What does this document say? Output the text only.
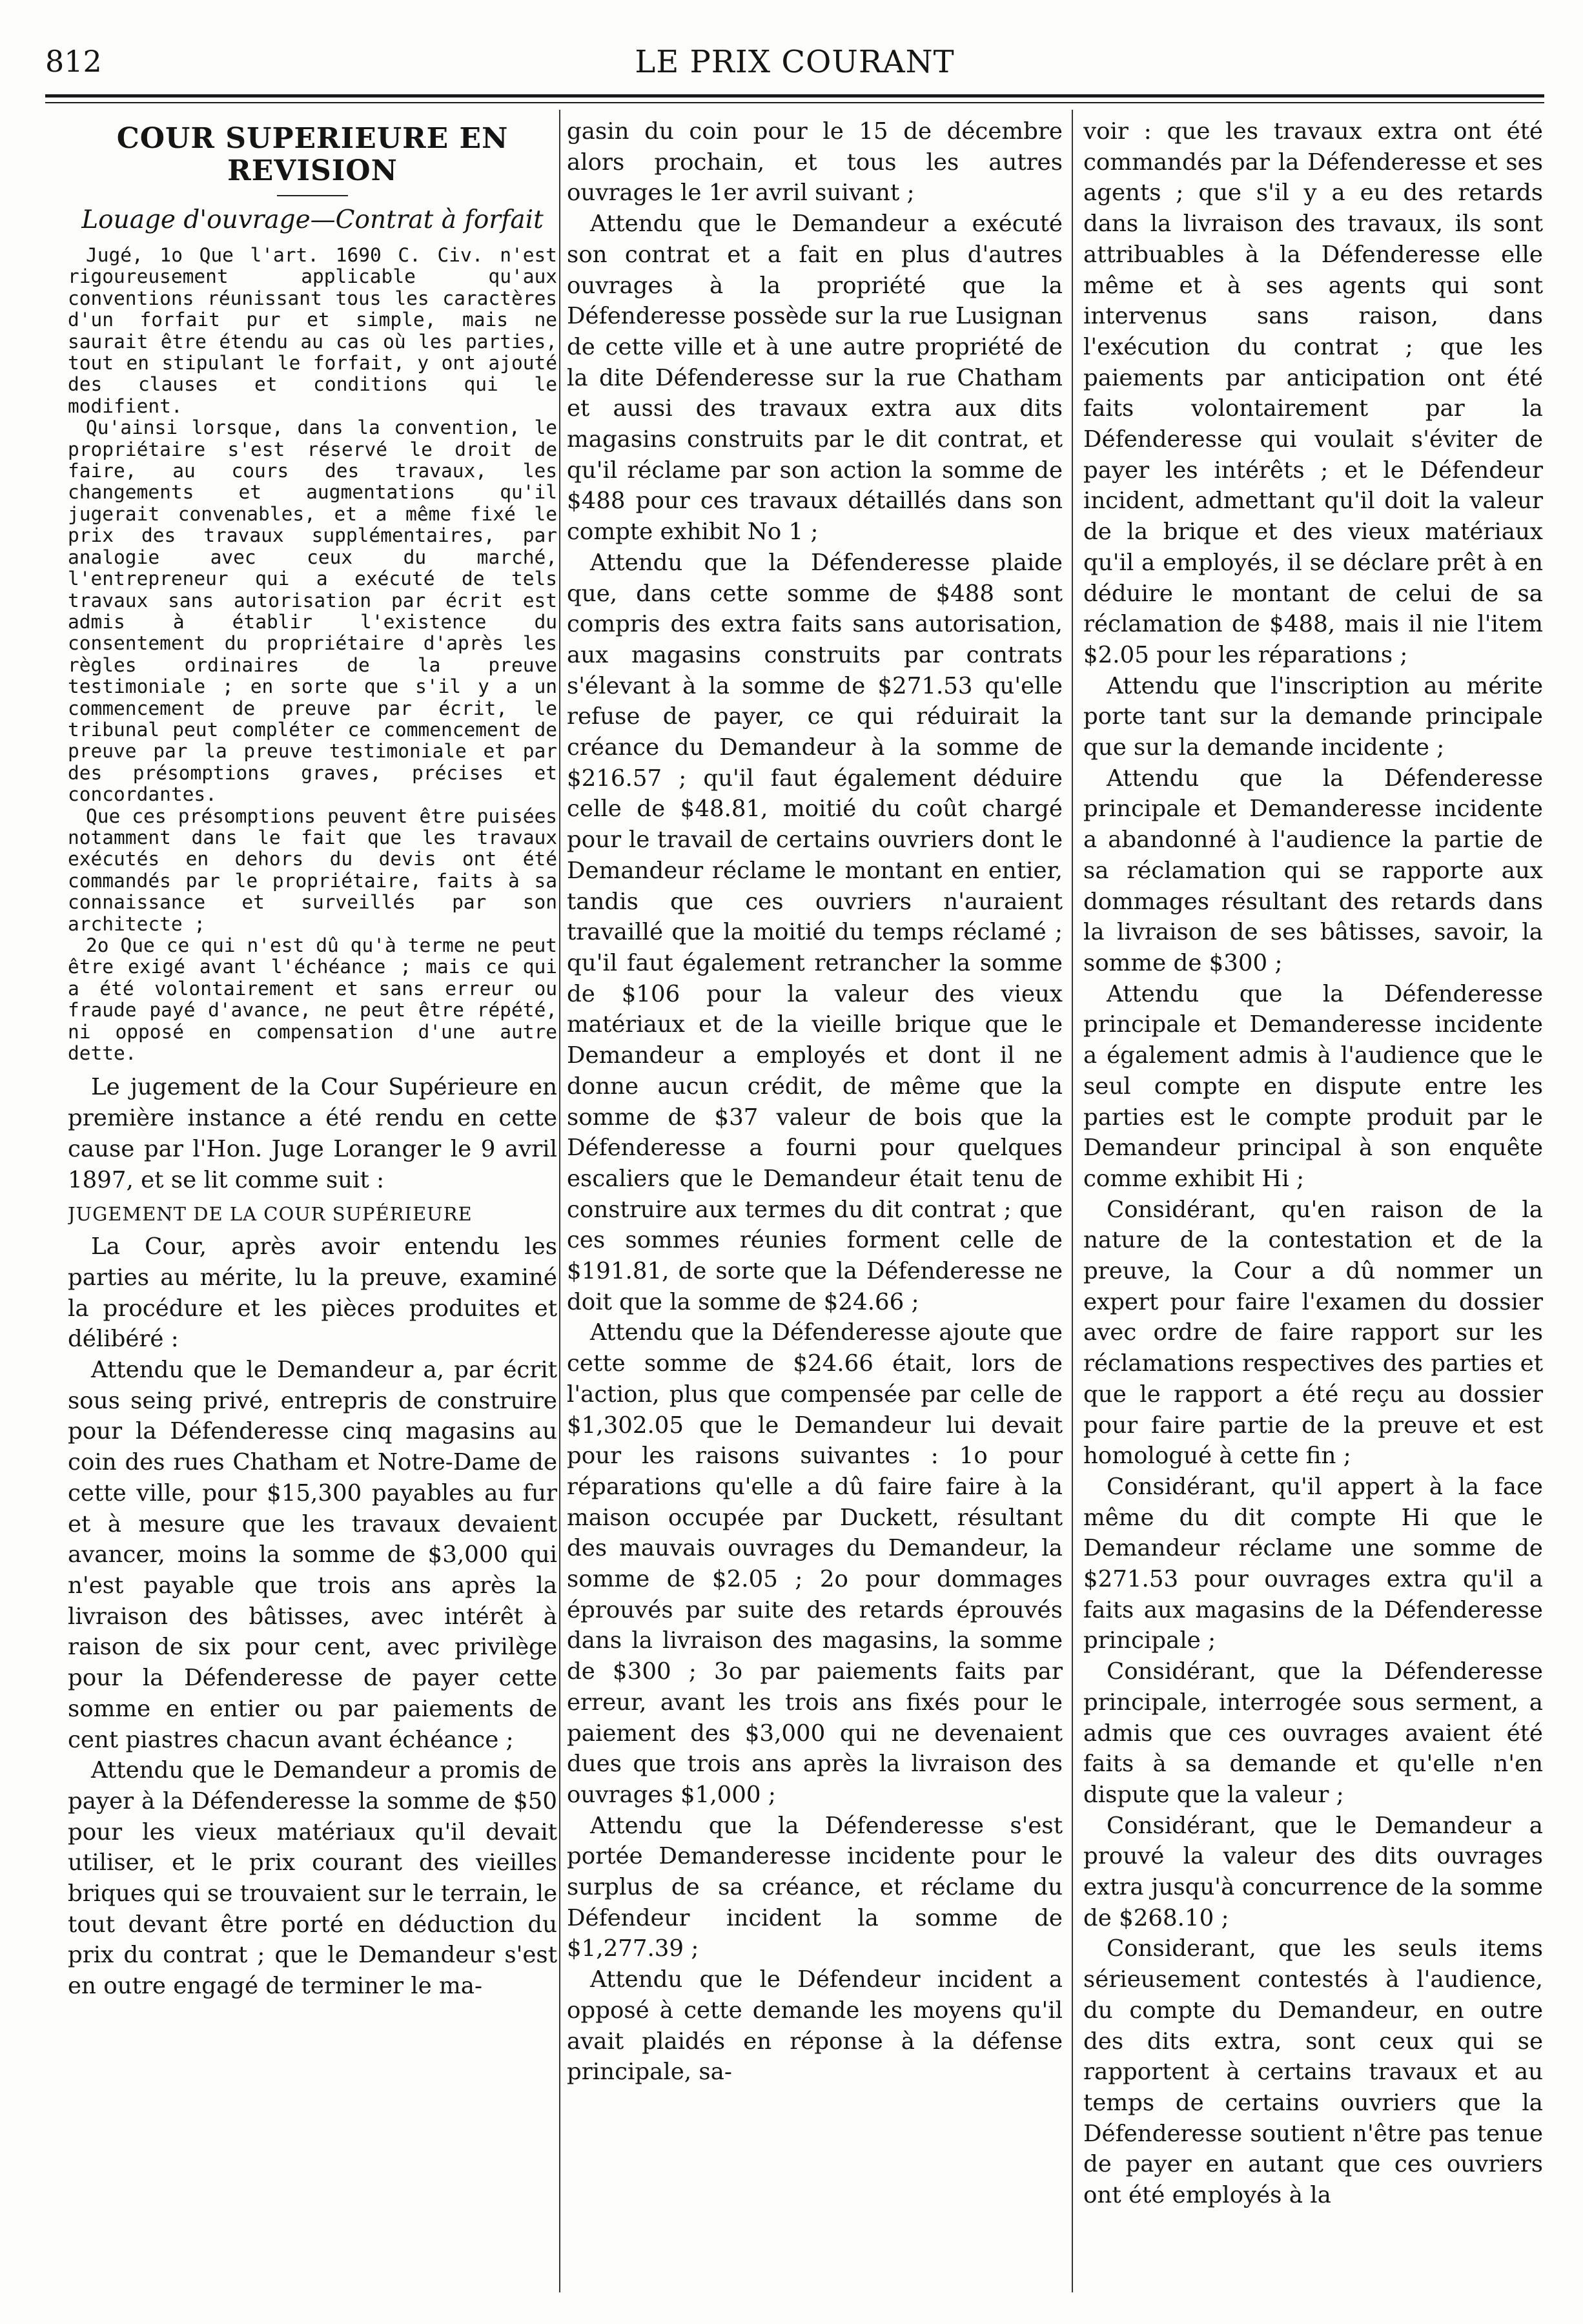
812	LE PRIX COURANT
COUR SUPERIEURE EN REVISION
Louage d'ouvrage—Contrat à forfait

Jugé, 1o Que l'art. 1690 C. Civ. n'est rigoureusement applicable qu'aux conventions réunissant tous les caractères d'un forfait pur et simple, mais ne saurait être étendu au cas où les parties, tout en stipulant le forfait, y ont ajouté des clauses et conditions qui le modifient.

Qu'ainsi lorsque, dans la convention, le propriétaire s'est réservé le droit de faire, au cours des travaux, les changements et augmentations qu'il jugerait convenables, et a même fixé le prix des travaux supplémentaires, par analogie avec ceux du marché, l'entrepreneur qui a exécuté de tels travaux sans autorisation par écrit est admis à établir l'existence du consentement du propriétaire d'après les règles ordinaires de la preuve testimoniale ; en sorte que s'il y a un commencement de preuve par écrit, le tribunal peut compléter ce commencement de preuve par la preuve testimoniale et par des présomptions graves, précises et concordantes.

Que ces présomptions peuvent être puisées notamment dans le fait que les travaux exécutés en dehors du devis ont été commandés par le propriétaire, faits à sa connaissance et surveillés par son architecte ;

2o Que ce qui n'est dû qu'à terme ne peut être exigé avant l'échéance ; mais ce qui a été volontairement et sans erreur ou fraude payé d'avance, ne peut être répété, ni opposé en compensation d'une autre dette.

Le jugement de la Cour Supérieure en première instance a été rendu en cette cause par l'Hon. Juge Loranger le 9 avril 1897, et se lit comme suit :

JUGEMENT DE LA COUR SUPÉRIEURE

La Cour, après avoir entendu les parties au mérite, lu la preuve, examiné la procédure et les pièces produites et délibéré :

Attendu que le Demandeur a, par écrit sous seing privé, entrepris de construire pour la Défenderesse cinq magasins au coin des rues Chatham et Notre-Dame de cette ville, pour $15,300 payables au fur et à mesure que les travaux devaient avancer, moins la somme de $3,000 qui n'est payable que trois ans après la livraison des bâtisses, avec intérêt à raison de six pour cent, avec privilège pour la Défenderesse de payer cette somme en entier ou par paiements de cent piastres chacun avant échéance ;

Attendu que le Demandeur a promis de payer à la Défenderesse la somme de $50 pour les vieux matériaux qu'il devait utiliser, et le prix courant des vieilles briques qui se trouvaient sur le terrain, le tout devant être porté en déduction du prix du contrat ; que le Demandeur s'est en outre engagé de terminer le ma-

gasin du coin pour le 15 de décembre alors prochain, et tous les autres ouvrages le 1er avril suivant ;

Attendu que le Demandeur a exécuté son contrat et a fait en plus d'autres ouvrages à la propriété que la Défenderesse possède sur la rue Lusignan de cette ville et à une autre propriété de la dite Défenderesse sur la rue Chatham et aussi des travaux extra aux dits magasins construits par le dit contrat, et qu'il réclame par son action la somme de $488 pour ces travaux détaillés dans son compte exhibit No 1 ;

Attendu que la Défenderesse plaide que, dans cette somme de $488 sont compris des extra faits sans autorisation, aux magasins construits par contrats s'élevant à la somme de $271.53 qu'elle refuse de payer, ce qui réduirait la créance du Demandeur à la somme de $216.57 ; qu'il faut également déduire celle de $48.81, moitié du coût chargé pour le travail de certains ouvriers dont le Demandeur réclame le montant en entier, tandis que ces ouvriers n'auraient travaillé que la moitié du temps réclamé ; qu'il faut également retrancher la somme de $106 pour la valeur des vieux matériaux et de la vieille brique que le Demandeur a employés et dont il ne donne aucun crédit, de même que la somme de $37 valeur de bois que la Défenderesse a fourni pour quelques escaliers que le Demandeur était tenu de construire aux termes du dit contrat ; que ces sommes réunies forment celle de $191.81, de sorte que la Défenderesse ne doit que la somme de $24.66 ;

Attendu que la Défenderesse ajoute que cette somme de $24.66 était, lors de l'action, plus que compensée par celle de $1,302.05 que le Demandeur lui devait pour les raisons suivantes : 1o pour réparations qu'elle a dû faire faire à la maison occupée par Duckett, résultant des mauvais ouvrages du Demandeur, la somme de $2.05 ; 2o pour dommages éprouvés par suite des retards éprouvés dans la livraison des magasins, la somme de $300 ; 3o par paiements faits par erreur, avant les trois ans fixés pour le paiement des $3,000 qui ne devenaient dues que trois ans après la livraison des ouvrages $1,000 ;

Attendu que la Défenderesse s'est portée Demanderesse incidente pour le surplus de sa créance, et réclame du Défendeur incident la somme de $1,277.39 ;

Attendu que le Défendeur incident a opposé à cette demande les moyens qu'il avait plaidés en réponse à la défense principale, sa-

voir : que les travaux extra ont été commandés par la Défenderesse et ses agents ; que s'il y a eu des retards dans la livraison des travaux, ils sont attribuables à la Défenderesse elle même et à ses agents qui sont intervenus sans raison, dans l'exécution du contrat ; que les paiements par anticipation ont été faits volontairement par la Défenderesse qui voulait s'éviter de payer les intérêts ; et le Défendeur incident, admettant qu'il doit la valeur de la brique et des vieux matériaux qu'il a employés, il se déclare prêt à en déduire le montant de celui de sa réclamation de $488, mais il nie l'item $2.05 pour les réparations ;

Attendu que l'inscription au mérite porte tant sur la demande principale que sur la demande incidente ;

Attendu que la Défenderesse principale et Demanderesse incidente a abandonné à l'audience la partie de sa réclamation qui se rapporte aux dommages résultant des retards dans la livraison de ses bâtisses, savoir, la somme de $300 ;

Attendu que la Défenderesse principale et Demanderesse incidente a également admis à l'audience que le seul compte en dispute entre les parties est le compte produit par le Demandeur principal à son enquête comme exhibit Hi ;

Considérant, qu'en raison de la nature de la contestation et de la preuve, la Cour a dû nommer un expert pour faire l'examen du dossier avec ordre de faire rapport sur les réclamations respectives des parties et que le rapport a été reçu au dossier pour faire partie de la preuve et est homologué à cette fin ;

Considérant, qu'il appert à la face même du dit compte Hi que le Demandeur réclame une somme de $271.53 pour ouvrages extra qu'il a faits aux magasins de la Défenderesse principale ;

Considérant, que la Défenderesse principale, interrogée sous serment, a admis que ces ouvrages avaient été faits à sa demande et qu'elle n'en dispute que la valeur ;

Considérant, que le Demandeur a prouvé la valeur des dits ouvrages extra jusqu'à concurrence de la somme de $268.10 ;

Considerant, que les seuls items sérieusement contestés à l'audience, du compte du Demandeur, en outre des dits extra, sont ceux qui se rapportent à certains travaux et au temps de certains ouvriers que la Défenderesse soutient n'être pas tenue de payer en autant que ces ouvriers ont été employés à la
